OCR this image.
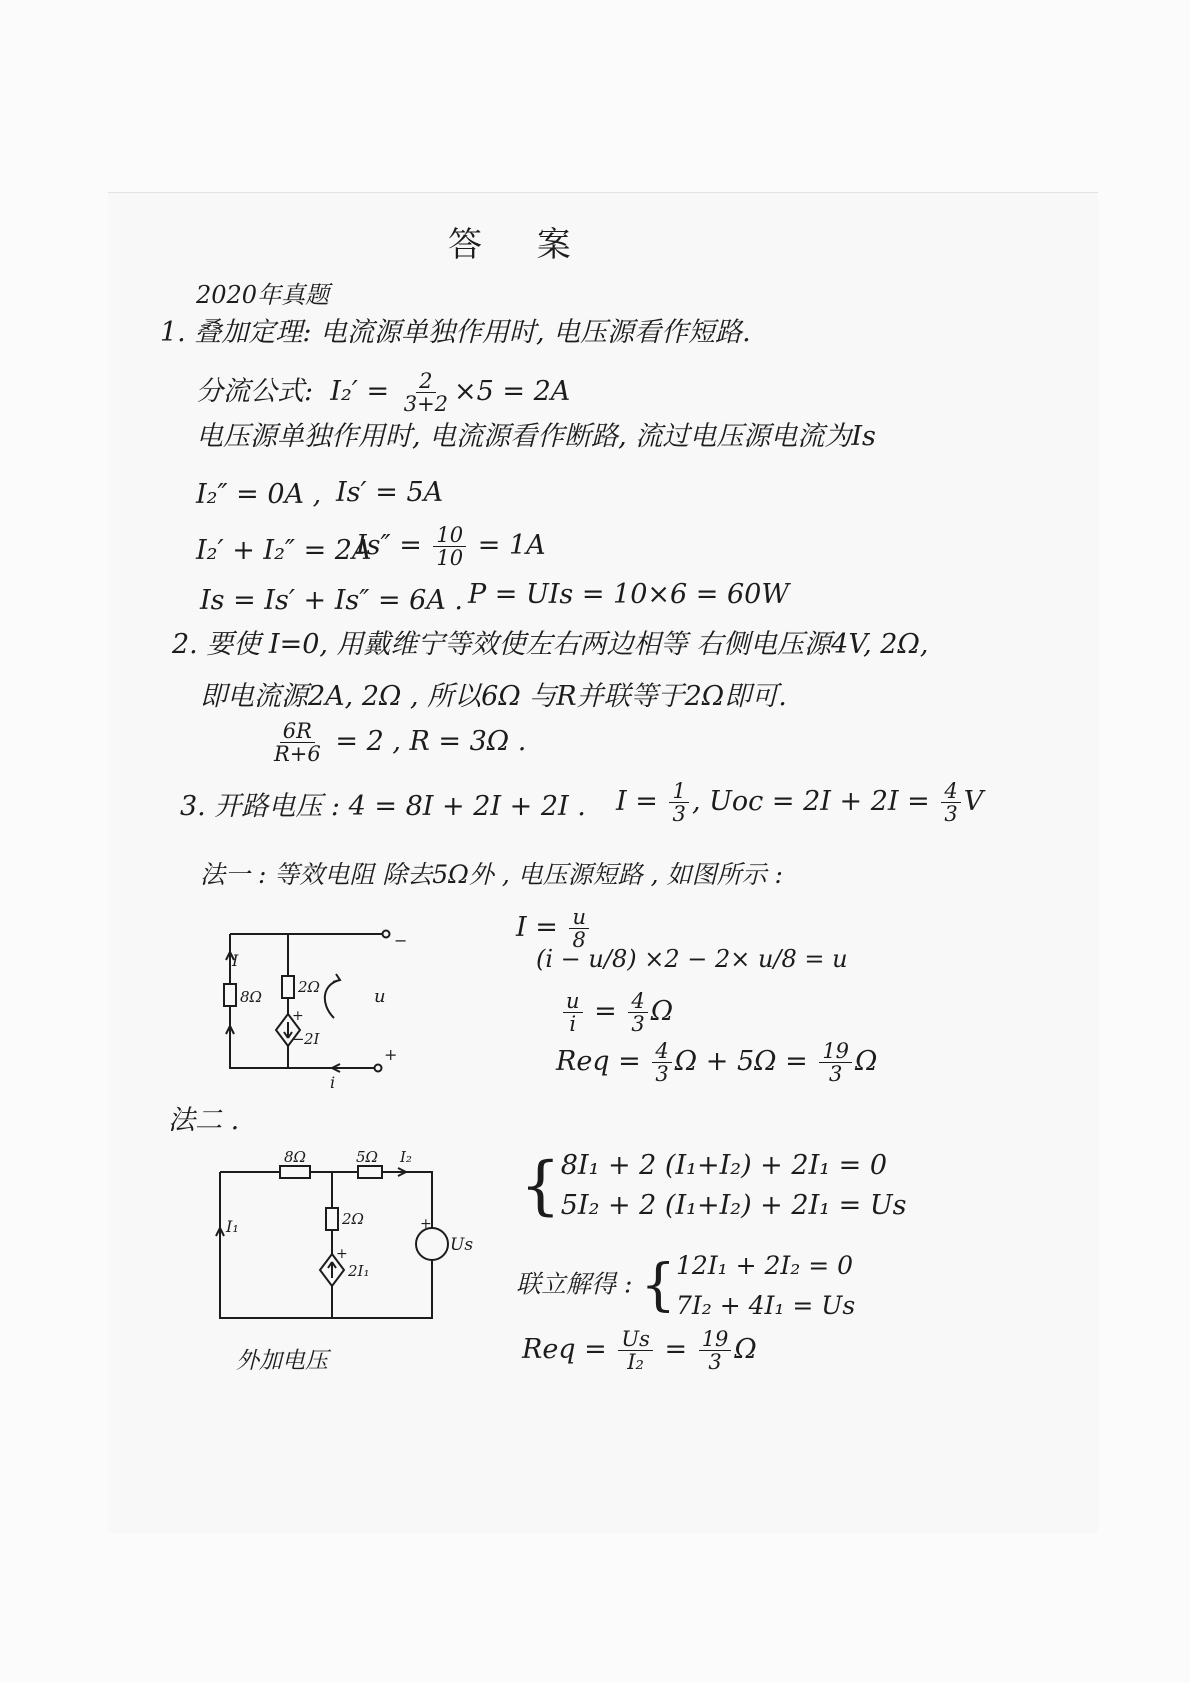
答 案
2020年真题
1. 叠加定理: 电流源单独作用时, 电压源看作短路.
分流公式: $I_2' = \frac{2}{3+2} \times 5 = 2A$
电压源单独作用时, 电流源看作断路, 流过电压源电流为Is
I₂″ = 0A , Is′ = 5A
I₂′ + I₂″ = 2A
$Is'' = \frac{10}{10} = 1A$
Is = Is′ + Is″ = 6A . P = UIs = 10×6 = 60W
2. 要使 I=0, 用戴维宁等效使左右两边相等 右侧电压源4V, 2Ω,
即电流源2A, 2Ω , 所以6Ω 与R并联等于2Ω即可.
$\frac{6R}{R+6} = 2$ , R = 3Ω .
3. 开路电压 : 4 = 8I + 2I + 2I . $I = \frac{1}{3}$ , Uoc = $2I + 2I = \frac{4}{3}$ V
法一 : 等效电阻 除去5Ω外 , 电压源短路 , 如图所示 :
$I = \frac{u}{8}$
(i − u/8) ×2 − 2× u/8 = u
$\frac{u}{i} = \frac{4}{3}$ Ω
Req = $\frac{4}{3}$ $\Omega + 5\Omega = \frac{19}{3}$ Ω
I
8Ω
2Ω
+
− 2I
u
i
−
+
法二 .
8Ω	5Ω I₂
I₁	2Ω
+
2I₁
Us
+
外加电压
{ 8I₁ + 2 (I₁+I₂) + 2I₁ = 0
5I₂ + 2 (I₁+I₂) + 2I₁ = Us
联立解得 : { 12I₁ + 2I₂ = 0
7I₂ + 4I₁ = Us
Req = $\frac{Us}{\text{I₂}} = \frac{19}{3}$ Ω
